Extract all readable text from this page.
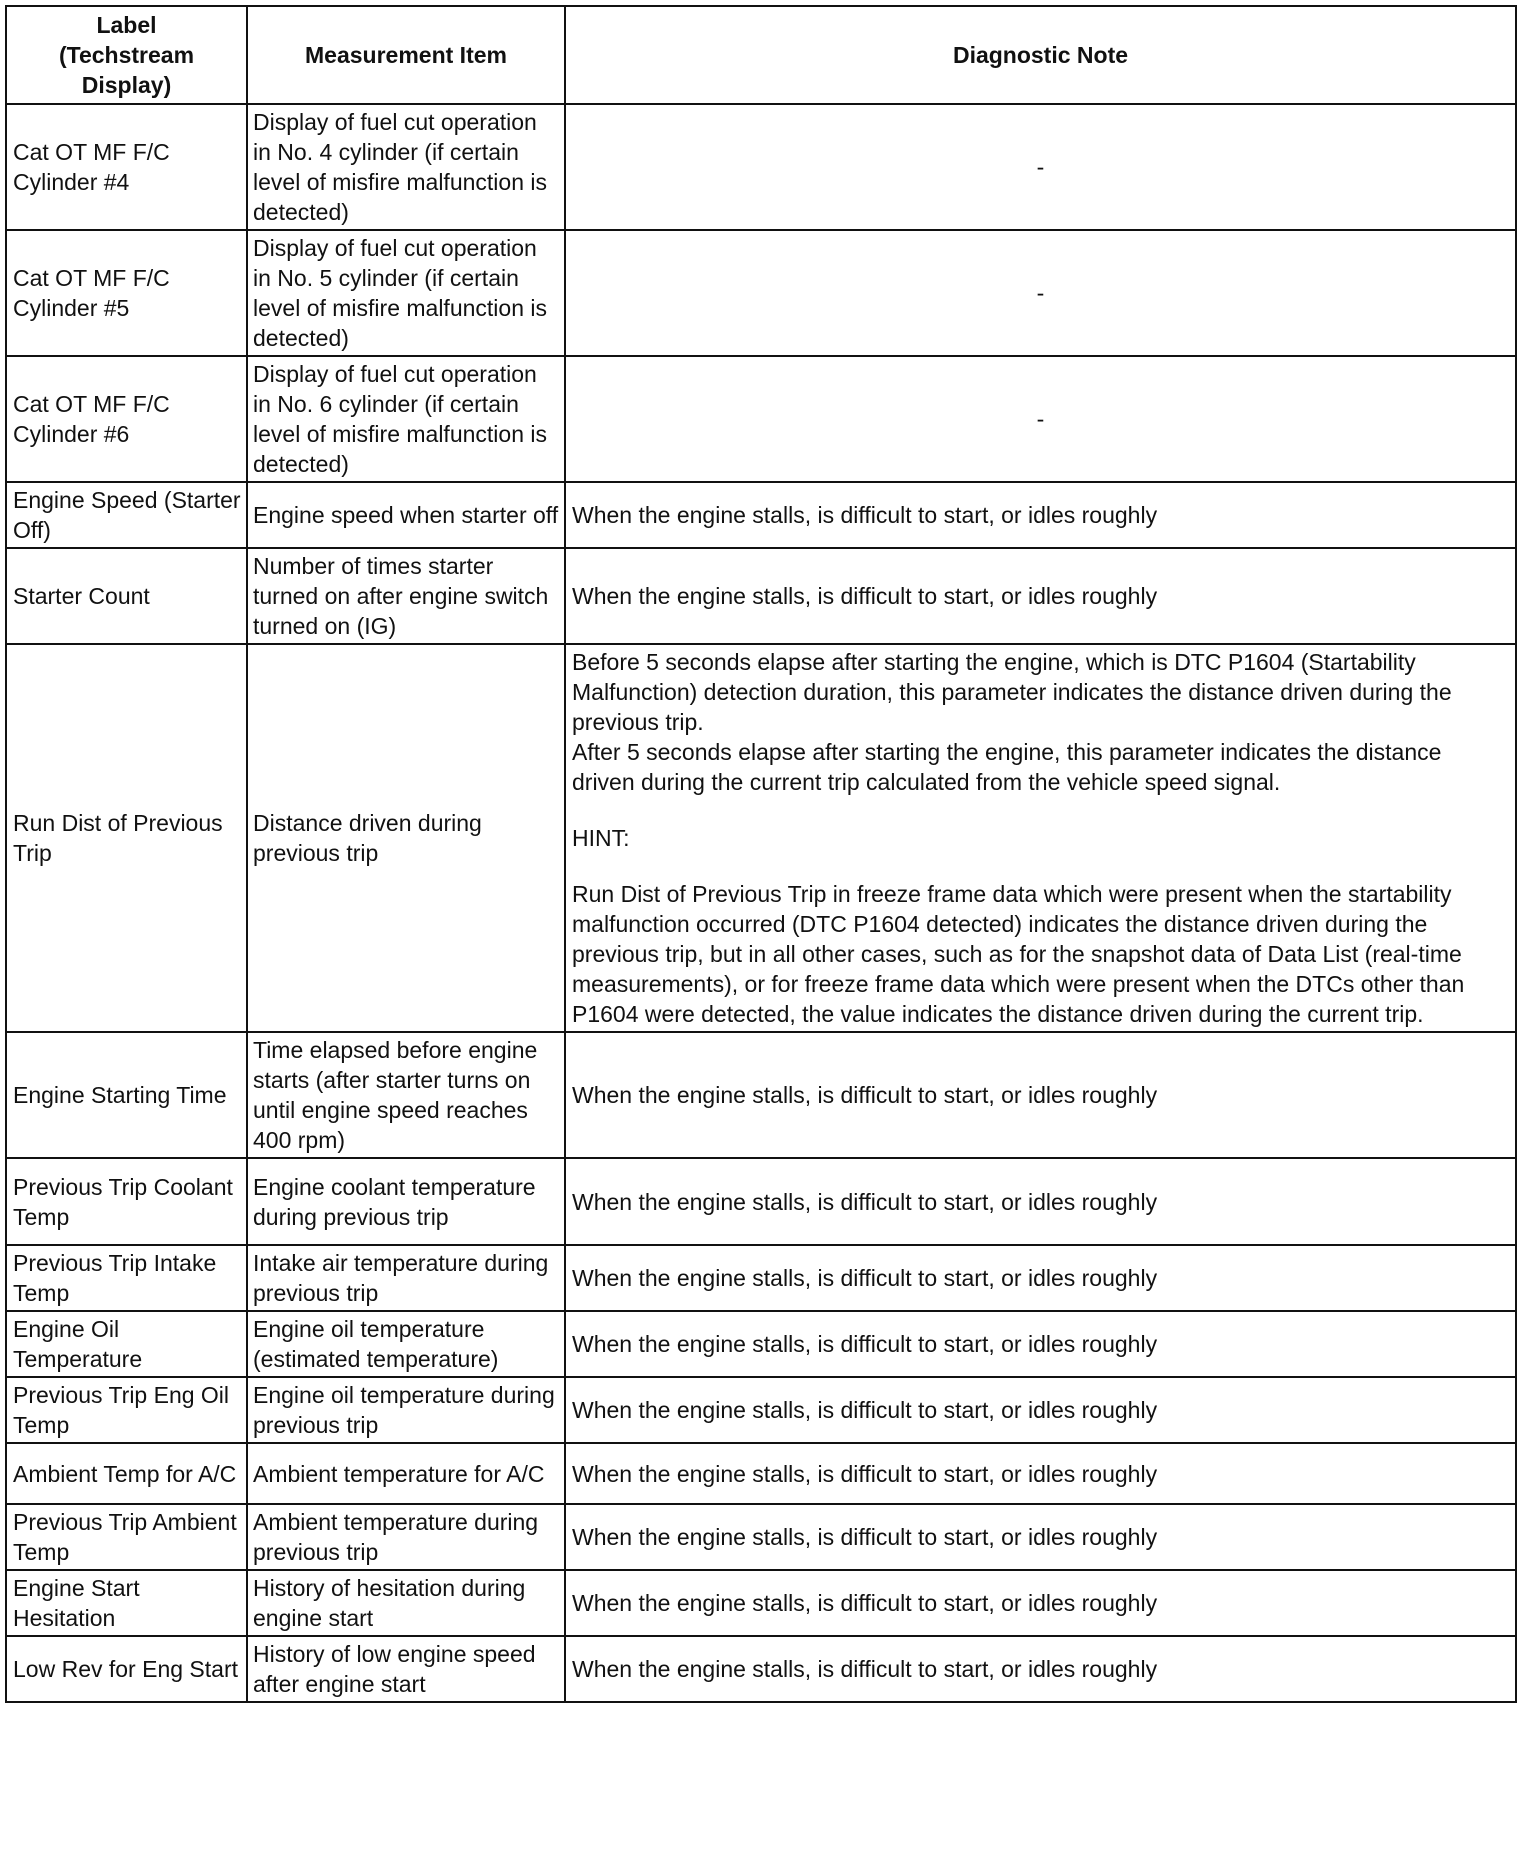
Label
(Techstream
Display)	Measurement Item	Diagnostic Note
Cat OT MF F/C Cylinder #4	Display of fuel cut operation in No. 4 cylinder (if certain level of misfire malfunction is detected)	-
Cat OT MF F/C Cylinder #5	Display of fuel cut operation in No. 5 cylinder (if certain level of misfire malfunction is detected)	-
Cat OT MF F/C Cylinder #6	Display of fuel cut operation in No. 6 cylinder (if certain level of misfire malfunction is detected)	-
Engine Speed (Starter Off)	Engine speed when starter off	When the engine stalls, is difficult to start, or idles roughly
Starter Count	Number of times starter turned on after engine switch turned on (IG)	When the engine stalls, is difficult to start, or idles roughly
Run Dist of Previous Trip	Distance driven during previous trip	Before 5 seconds elapse after starting the engine, which is DTC P1604 (Startability Malfunction) detection duration, this parameter indicates the distance driven during the previous trip.
After 5 seconds elapse after starting the engine, this parameter indicates the distance driven during the current trip calculated from the vehicle speed signal.
HINT:
Run Dist of Previous Trip in freeze frame data which were present when the startability malfunction occurred (DTC P1604 detected) indicates the distance driven during the previous trip, but in all other cases, such as for the snapshot data of Data List (real-time measurements), or for freeze frame data which were present when the DTCs other than P1604 were detected, the value indicates the distance driven during the current trip.

Engine Starting Time	Time elapsed before engine starts (after starter turns on until engine speed reaches 400 rpm)	When the engine stalls, is difficult to start, or idles roughly
Previous Trip Coolant Temp	Engine coolant temperature during previous trip	When the engine stalls, is difficult to start, or idles roughly
Previous Trip Intake Temp	Intake air temperature during previous trip	When the engine stalls, is difficult to start, or idles roughly
Engine Oil Temperature	Engine oil temperature (estimated temperature)	When the engine stalls, is difficult to start, or idles roughly
Previous Trip Eng Oil Temp	Engine oil temperature during previous trip	When the engine stalls, is difficult to start, or idles roughly
Ambient Temp for A/C	Ambient temperature for A/C	When the engine stalls, is difficult to start, or idles roughly
Previous Trip Ambient Temp	Ambient temperature during previous trip	When the engine stalls, is difficult to start, or idles roughly
Engine Start Hesitation	History of hesitation during engine start	When the engine stalls, is difficult to start, or idles roughly
Low Rev for Eng Start	History of low engine speed after engine start	When the engine stalls, is difficult to start, or idles roughly
